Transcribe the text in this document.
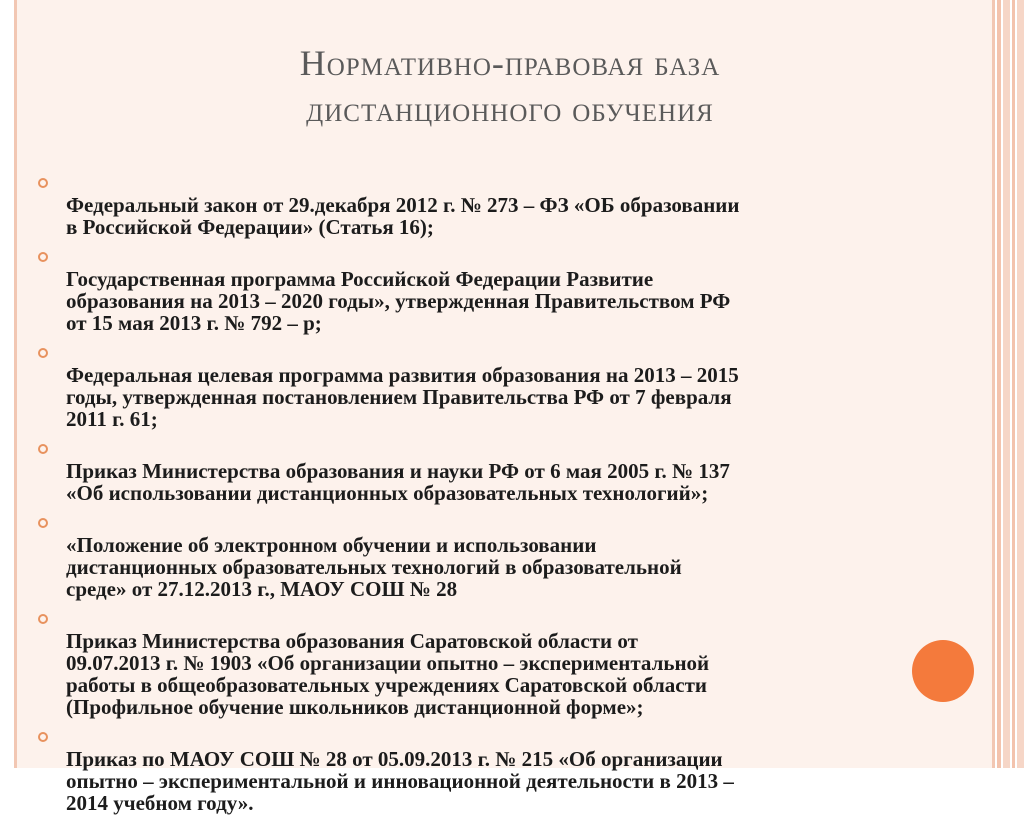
Нормативно-правовая база
дистанционного обучения

Федеральный закон от 29.декабря 2012 г. № 273 – ФЗ «ОБ образовании
в Российской Федерации» (Статья 16);

Государственная программа Российской Федерации Развитие
образования на 2013 – 2020 годы», утвержденная Правительством РФ
от 15 мая 2013 г. № 792 – р;

Федеральная целевая программа развития образования на 2013 – 2015
годы, утвержденная постановлением Правительства РФ от 7 февраля
2011 г. 61;

Приказ Министерства образования и науки РФ от 6 мая 2005 г. № 137
«Об использовании дистанционных образовательных технологий»;

«Положение об электронном обучении и использовании
дистанционных образовательных технологий в образовательной
среде» от 27.12.2013 г., МАОУ СОШ № 28

Приказ Министерства образования Саратовской области от
09.07.2013 г. № 1903 «Об организации опытно – экспериментальной
работы в общеобразовательных учреждениях Саратовской области
(Профильное обучение школьников дистанционной форме»;

Приказ по МАОУ СОШ № 28 от 05.09.2013 г. № 215 «Об организации
опытно – экспериментальной и инновационной деятельности в 2013 –
2014 учебном году».
